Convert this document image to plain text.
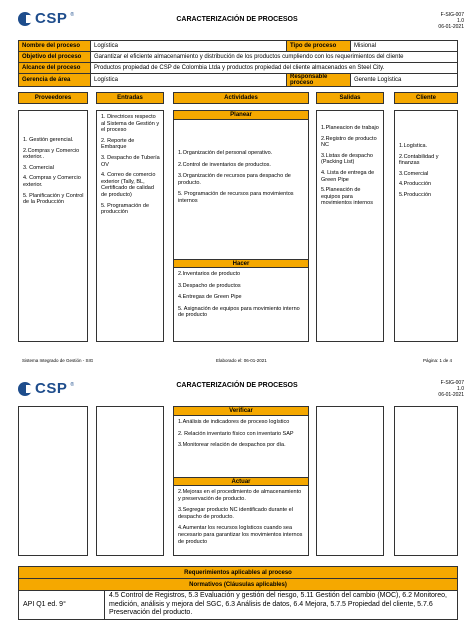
CSP ®
CARACTERIZACIÓN DE PROCESOS
F-SIG-007
1.0
06-01-2021
Nombre del proceso	Logística	Tipo de proceso	Misional
Objetivo del proceso	Garantizar el eficiente almacenamiento y distribución de los productos cumpliendo con los requerimientos del cliente		
Alcance del proceso	Productos propiedad de CSP de Colombia Ltda y productos propiedad del cliente almacenados en Steel City.		
Gerencia de área	Logística	Responsable proceso	Gerente Logística
Proveedores	Entradas	Actividades	Salidas	Cliente

1. Gestión gerencial.

2.Compras y Comercio exterior..

3. Comercial

4. Compras y Comercio exterior.

5. Planificación y Control de la Producción

1. Directrices respecto al Sistema de Gestión y el proceso

2. Reporte de Embarque

3. Despacho de Tubería OV

4. Correo de comercio exterior (Tally, BL, Certificado de calidad de producto)

5. Programación de producción

Planear

1.Organización del personal operativo.

2.Control de inventarios de productos.

3.Organización de recursos para despacho de producto.

5. Programación de recursos para movimientos internos

Hacer

2.Inventarios de producto

3.Despacho de productos

4.Entregas de Green Pipe

5. Asignación de equipos para movimiento interno de producto

1.Planeacion de trabajo

2.Registro de producto NC

3.Listas de despacho (Packing List)

4. Lista de entrega de Green Pipe

5.Planeación de equipos para movimientos internos

1.Logística.

2.Contabilidad y finanzas

3.Comercial

4.Producción

5.Producción

Sistema Integrado de Gestión - SIG	Elaborado el: 06-01-2021	Página: 1 de 4
CSP ®	CARACTERIZACIÓN DE PROCESOS	F-SIG-007
1.0
06-01-2021
Verificar

1.Análisis de indicadores de proceso logístico

2. Relación inventario físico con inventario SAP

3.Monitorear relación de despachos por día.

Actuar

2.Mejoras en el procedimiento de almacenamiento y preservación de producto.

3.Segregar producto NC identificado durante el despacho de producto.

4.Aumentar los recursos logísticos cuando sea necesario para garantizar los movimientos internos de producto

Requerimientos aplicables al proceso
Normativos (Cláusulas aplicables)
API Q1 ed. 9°	4.5 Control de Registros, 5.3 Evaluación y gestión del riesgo, 5.11 Gestión del cambio (MOC), 6.2 Monitoreo, medición, análisis y mejora del SGC, 6.3 Análisis de datos, 6.4 Mejora, 5.7.5 Propiedad del cliente, 5.7.6 Preservación del producto.
